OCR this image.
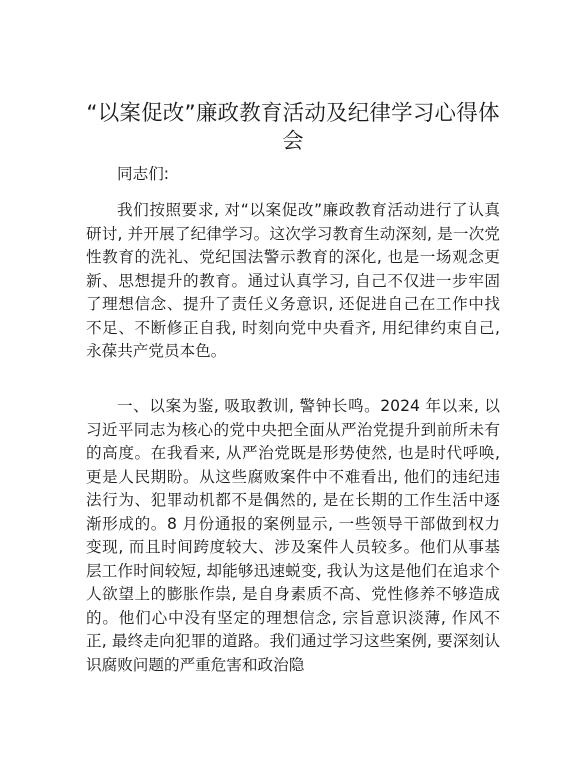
“以案促改”廉政教育活动及纪律学习心得体会

同志们:

我们按照要求, 对“以案促改”廉政教育活动进行了认真研讨, 并开展了纪律学习。这次学习教育生动深刻, 是一次党性教育的洗礼、党纪国法警示教育的深化, 也是一场观念更新、思想提升的教育。通过认真学习, 自己不仅进一步牢固了理想信念、提升了责任义务意识, 还促进自己在工作中找不足、不断修正自我, 时刻向党中央看齐, 用纪律约束自己, 永葆共产党员本色。

一、以案为鉴, 吸取教训, 警钟长鸣。2024 年以来, 以习近平同志为核心的党中央把全面从严治党提升到前所未有的高度。在我看来, 从严治党既是形势使然, 也是时代呼唤, 更是人民期盼。从这些腐败案件中不难看出, 他们的违纪违法行为、犯罪动机都不是偶然的, 是在长期的工作生活中逐渐形成的。8 月份通报的案例显示, 一些领导干部做到权力变现, 而且时间跨度较大、涉及案件人员较多。他们从事基层工作时间较短, 却能够迅速蜕变, 我认为这是他们在追求个人欲望上的膨胀作祟, 是自身素质不高、党性修养不够造成的。他们心中没有坚定的理想信念, 宗旨意识淡薄, 作风不正, 最终走向犯罪的道路。我们通过学习这些案例, 要深刻认识腐败问题的严重危害和政治隐
